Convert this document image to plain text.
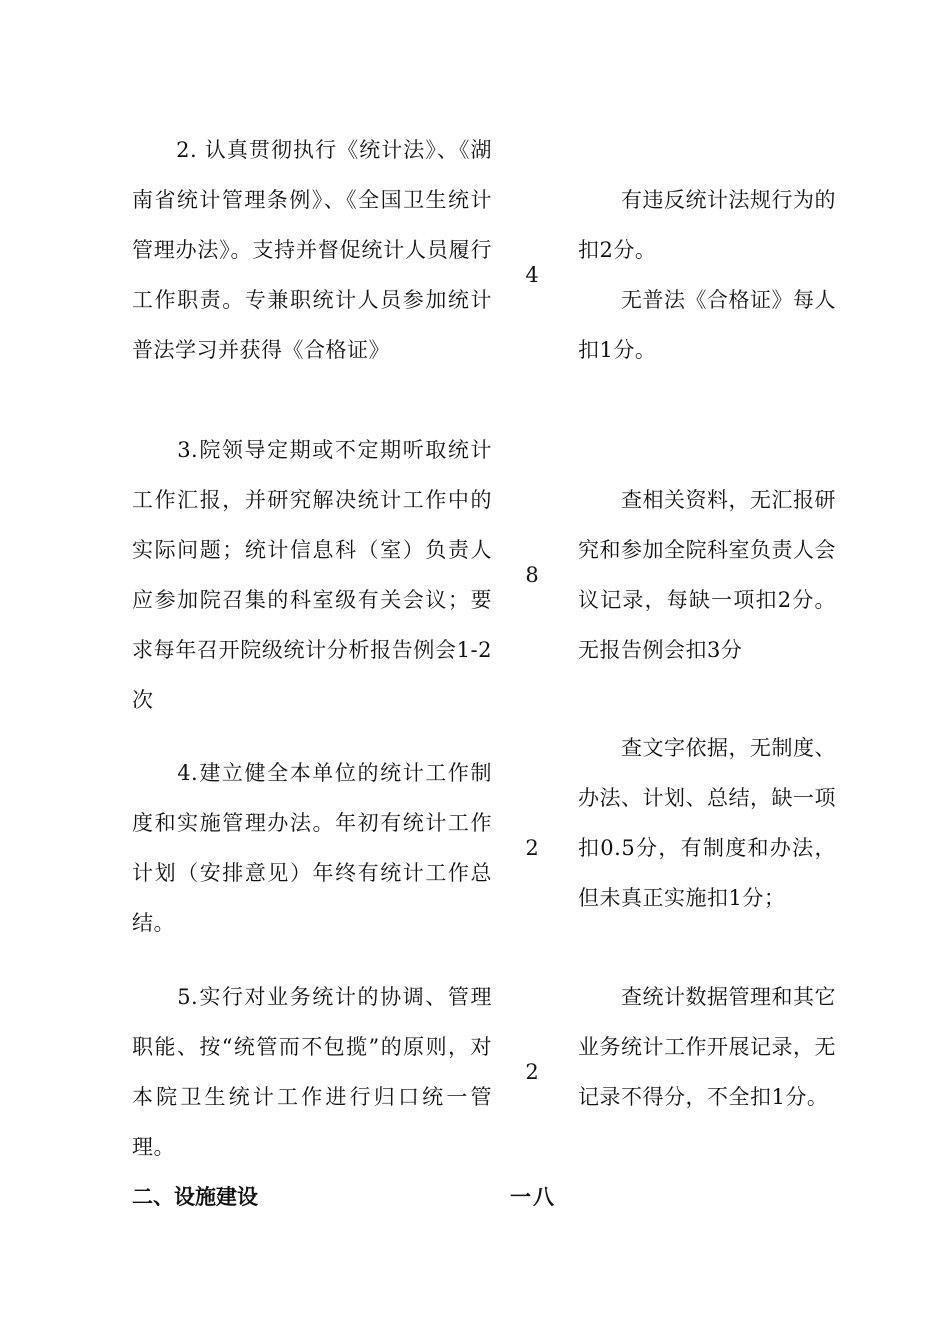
　　2. 认真贯彻执行《统计法》、《湖南省统计管理条例》、《全国卫生统计管理办法》。支持并督促统计人员履行工作职责。专兼职统计人员参加统计普法学习并获得《合格证》
4
　　有违反统计法规行为的扣2分。
　　无普法《合格证》每人扣1分。
　　3.院领导定期或不定期听取统计工作汇报，并研究解决统计工作中的实际问题；统计信息科（室）负责人应参加院召集的科室级有关会议；要求每年召开院级统计分析报告例会1-2次
8
　　查相关资料，无汇报研究和参加全院科室负责人会议记录，每缺一项扣2分。无报告例会扣3分
　　4.建立健全本单位的统计工作制度和实施管理办法。年初有统计工作计划（安排意见）年终有统计工作总结。
2
　　查文字依据，无制度、办法、计划、总结，缺一项扣0.5分，有制度和办法，但未真正实施扣1分；
　　5.实行对业务统计的协调、管理职能、按“统管而不包揽”的原则，对本院卫生统计工作进行归口统一管理。
2
　　查统计数据管理和其它业务统计工作开展记录，无记录不得分，不全扣1分。
二、设施建设	一八
